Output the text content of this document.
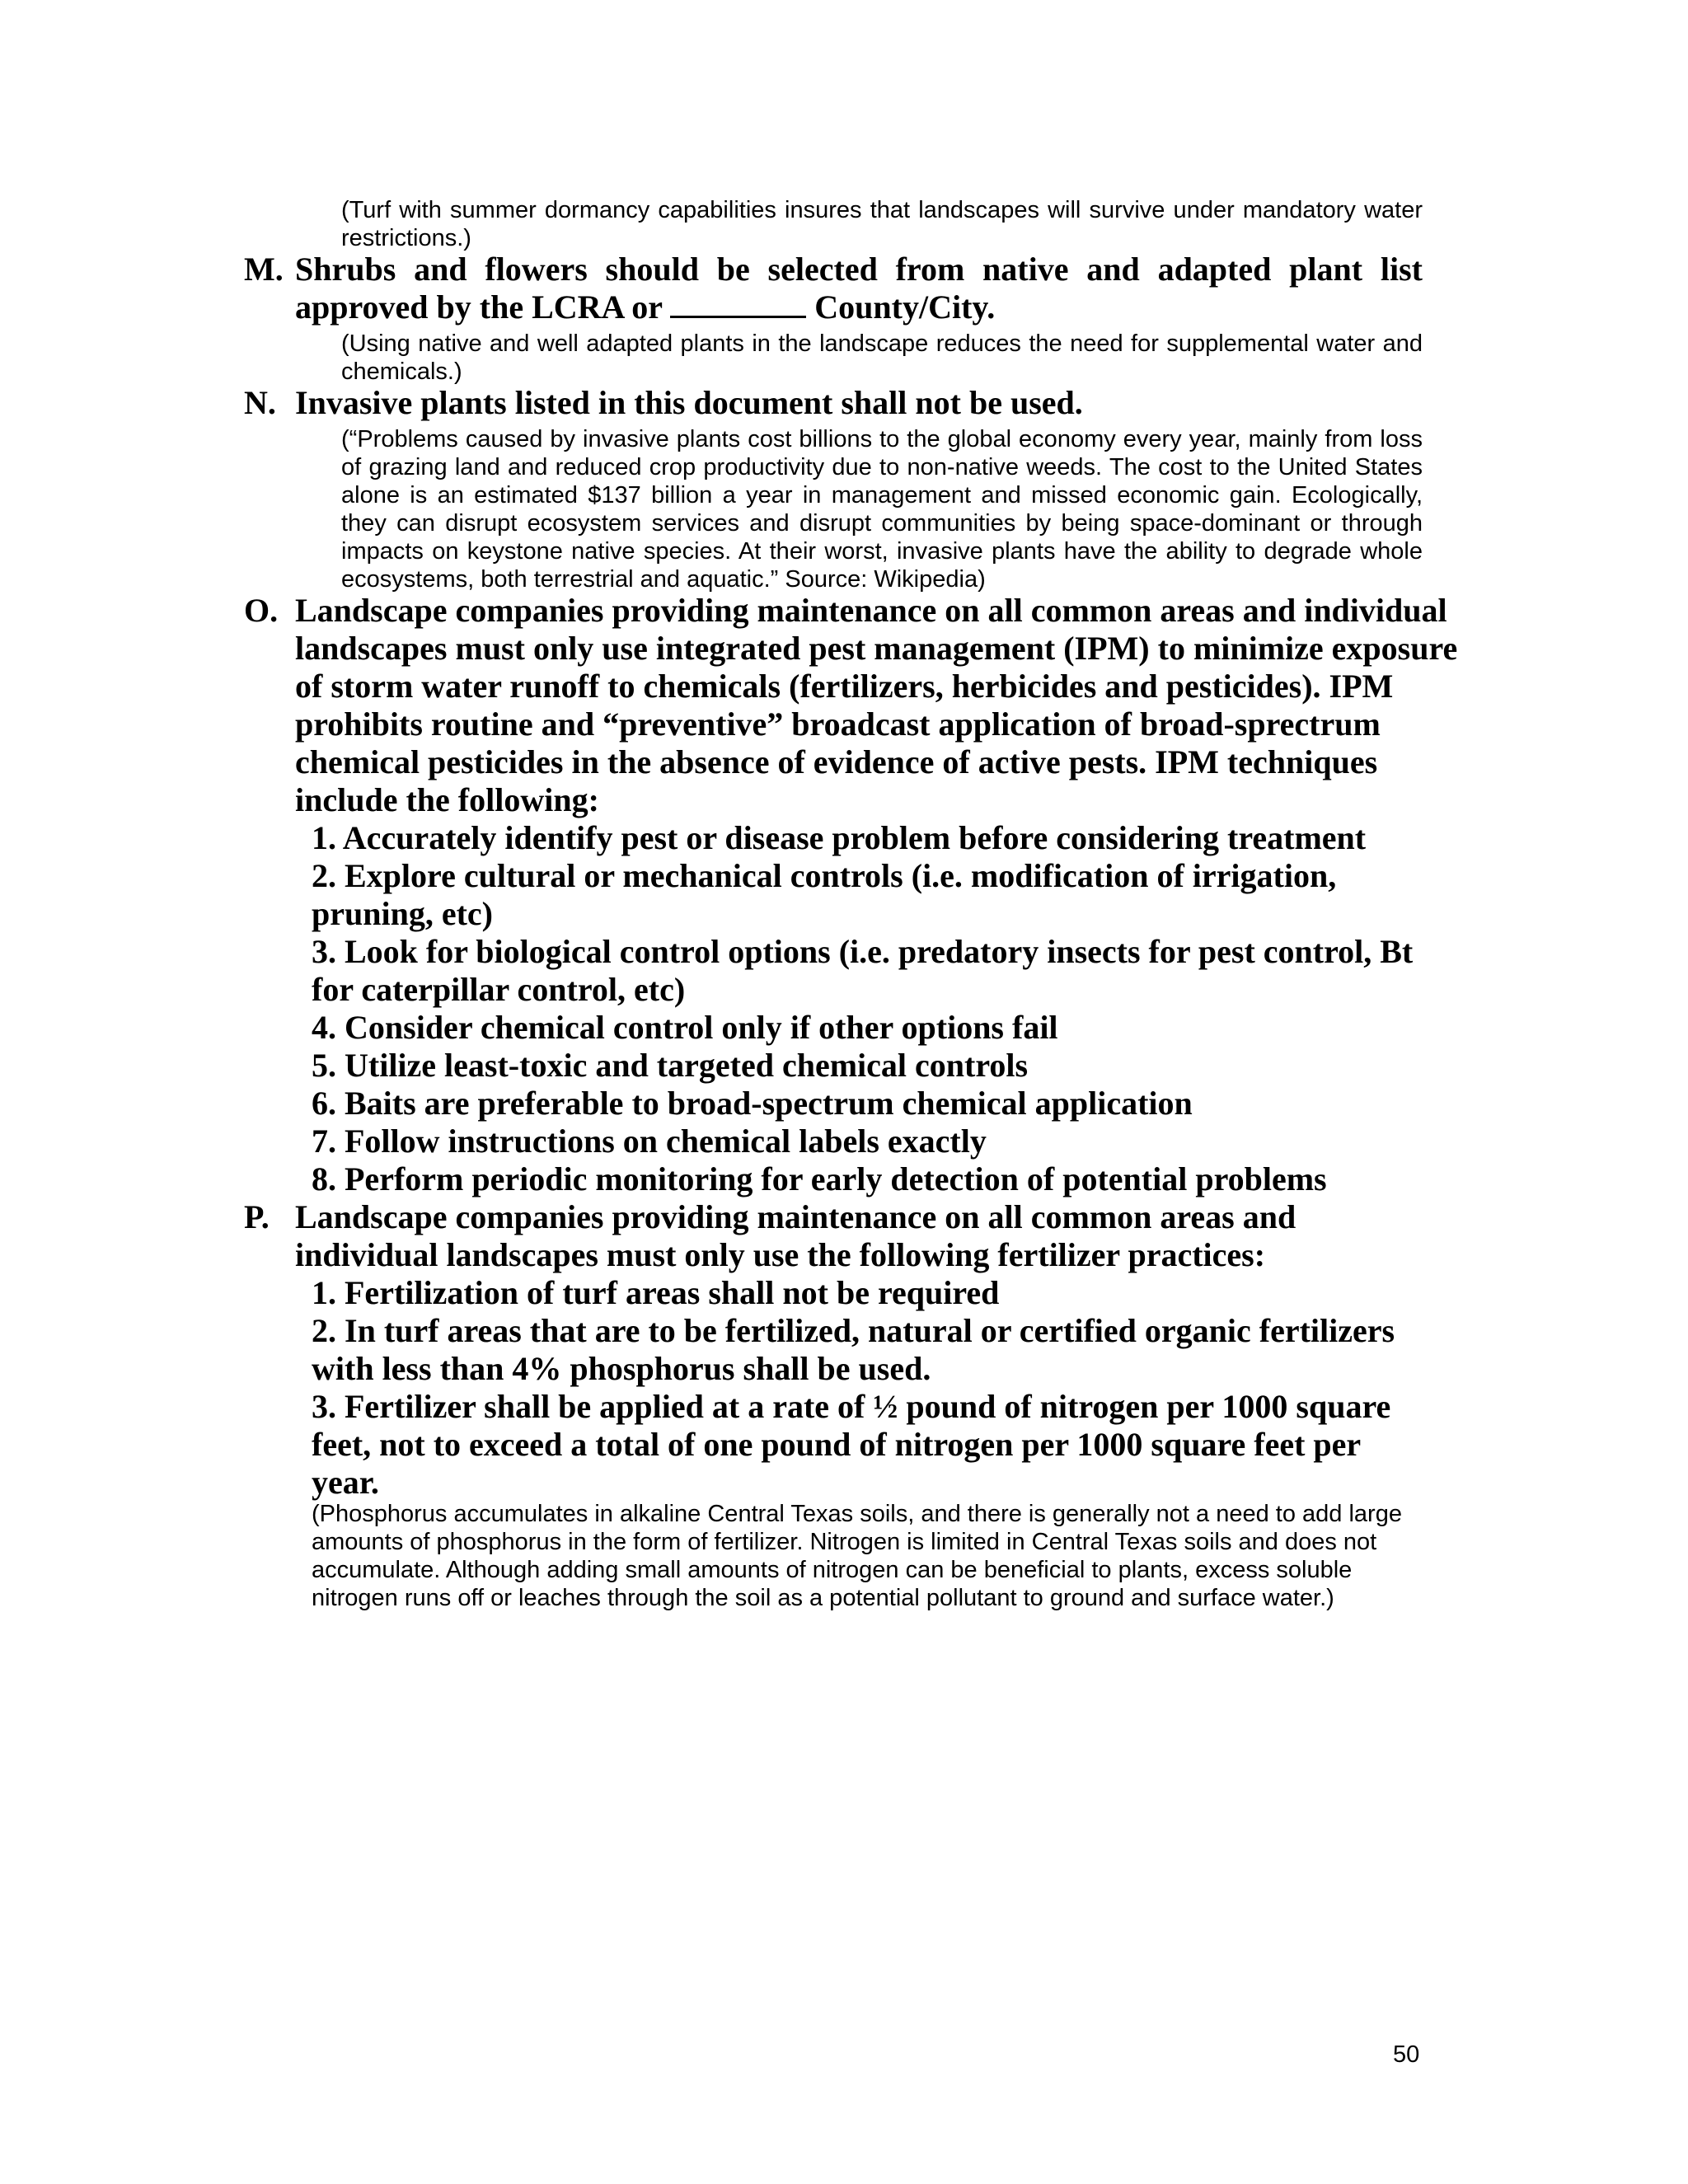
(Turf with summer dormancy capabilities insures that landscapes will survive under mandatory water restrictions.)

M. Shrubs and flowers should be selected from native and adapted plant list approved by the LCRA or	County/City.

(Using native and well adapted plants in the landscape reduces the need for supplemental water and chemicals.)

N. Invasive plants listed in this document shall not be used.

(“Problems caused by invasive plants cost billions to the global economy every year, mainly from loss of grazing land and reduced crop productivity due to non-native weeds. The cost to the United States alone is an estimated $137 billion a year in management and missed economic gain. Ecologically, they can disrupt ecosystem services and disrupt communities by being space-dominant or through impacts on keystone native species. At their worst, invasive plants have the ability to degrade whole ecosystems, both terrestrial and aquatic.” Source: Wikipedia)

O. Landscape companies providing maintenance on all common areas and individual landscapes must only use integrated pest management (IPM) to minimize exposure of storm water runoff to chemicals (fertilizers, herbicides and pesticides). IPM prohibits routine and “preventive” broadcast application of broad-sprectrum chemical pesticides in the absence of evidence of active pests. IPM techniques include the following:
1. Accurately identify pest or disease problem before considering treatment
2. Explore cultural or mechanical controls (i.e. modification of irrigation, pruning, etc)
3. Look for biological control options (i.e. predatory insects for pest control, Bt for caterpillar control, etc)
4. Consider chemical control only if other options fail
5. Utilize least-toxic and targeted chemical controls
6. Baits are preferable to broad-spectrum chemical application
7. Follow instructions on chemical labels exactly
8. Perform periodic monitoring for early detection of potential problems
P. Landscape companies providing maintenance on all common areas and individual landscapes must only use the following fertilizer practices:
1. Fertilization of turf areas shall not be required
2. In turf areas that are to be fertilized, natural or certified organic fertilizers with less than 4% phosphorus shall be used.
3. Fertilizer shall be applied at a rate of ½ pound of nitrogen per 1000 square feet, not to exceed a total of one pound of nitrogen per 1000 square feet per year.

(Phosphorus accumulates in alkaline Central Texas soils, and there is generally not a need to add large amounts of phosphorus in the form of fertilizer. Nitrogen is limited in Central Texas soils and does not accumulate. Although adding small amounts of nitrogen can be beneficial to plants, excess soluble nitrogen runs off or leaches through the soil as a potential pollutant to ground and surface water.)

50
